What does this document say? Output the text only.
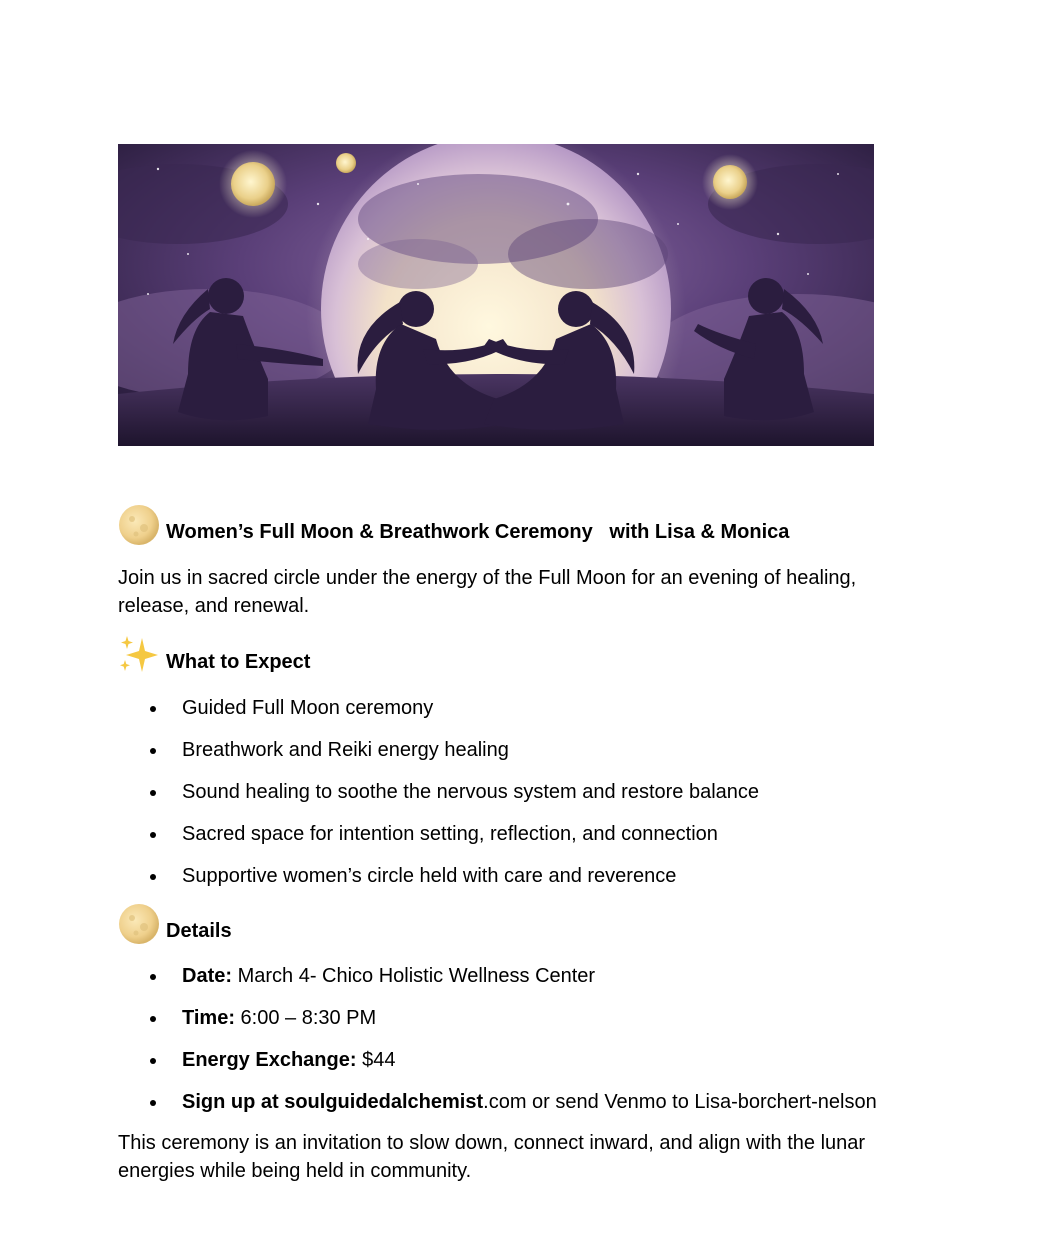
Women’s Full Moon & Breathwork Ceremony   with Lisa & Monica
Join us in sacred circle under the energy of the Full Moon for an evening of healing, release, and renewal.
What to Expect
Guided Full Moon ceremony
Breathwork and Reiki energy healing
Sound healing to soothe the nervous system and restore balance
Sacred space for intention setting, reflection, and connection
Supportive women’s circle held with care and reverence
Details
Date: March 4- Chico Holistic Wellness Center
Time: 6:00 – 8:30 PM
Energy Exchange: $44
Sign up at soulguidedalchemist.com or send Venmo to Lisa-borchert-nelson
This ceremony is an invitation to slow down, connect inward, and align with the lunar energies while being held in community.
